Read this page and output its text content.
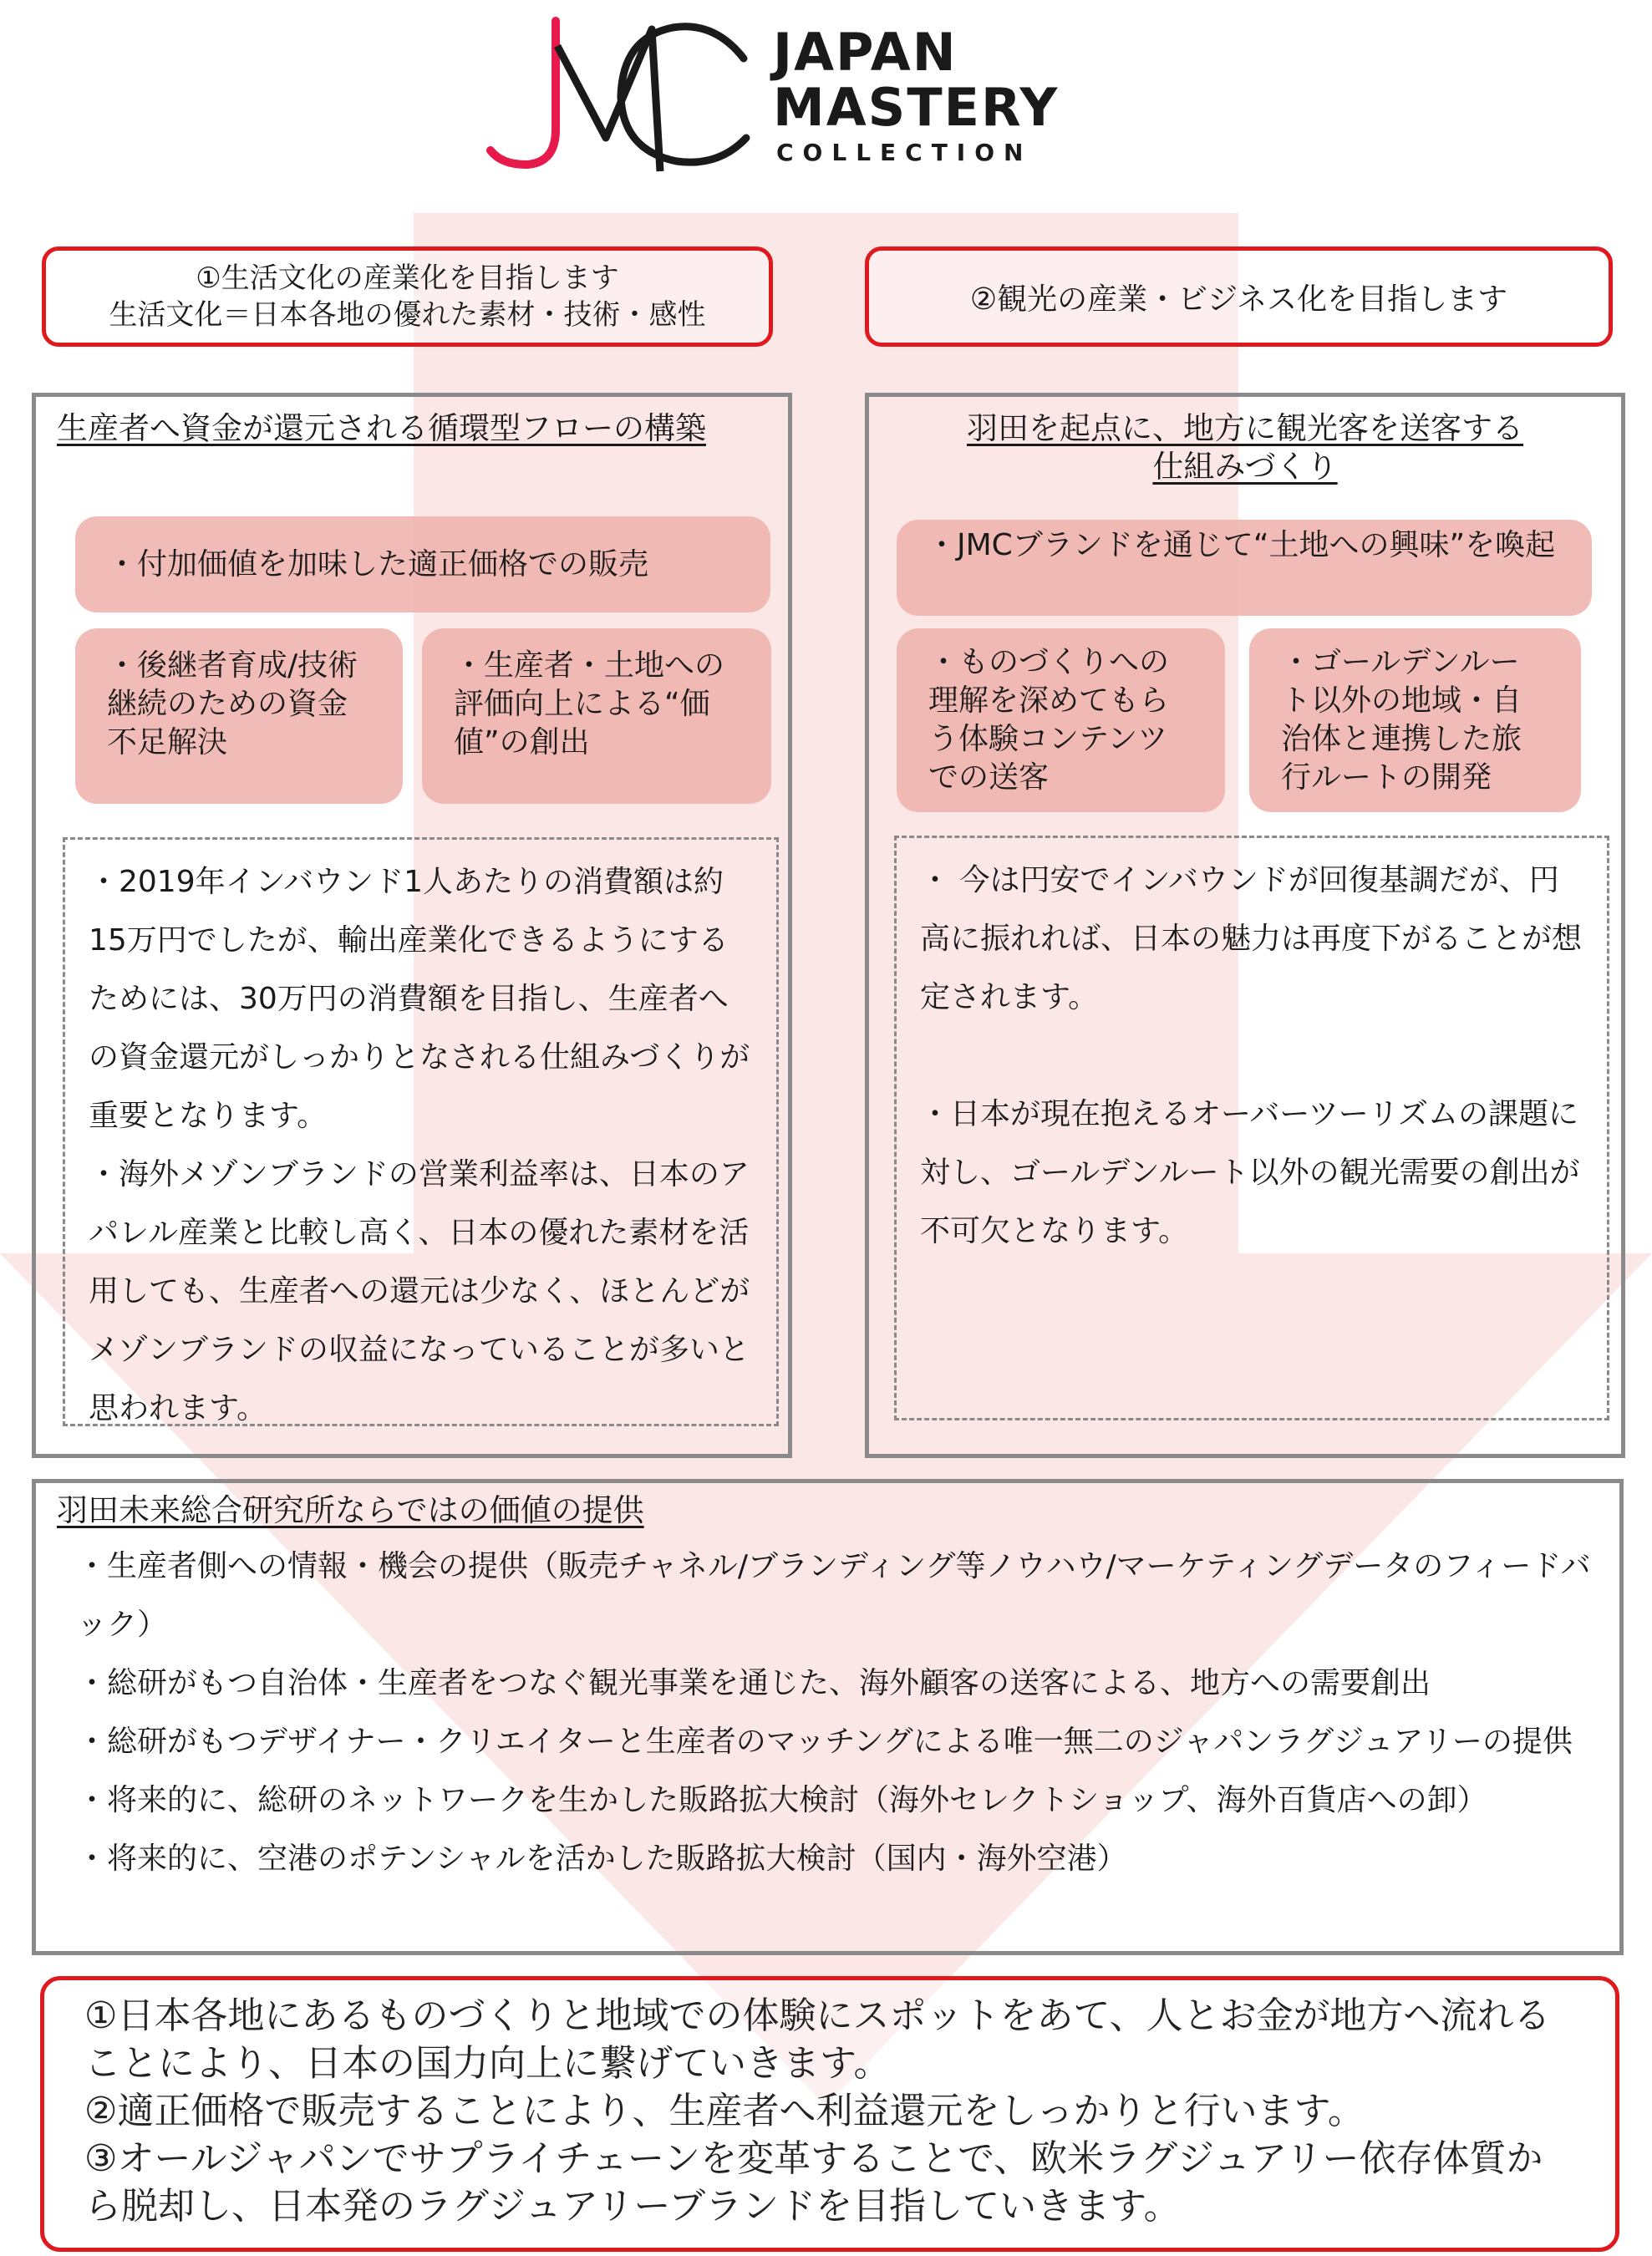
JAPAN
MASTERY
COLLECTION
①生活文化の産業化を目指します
生活文化＝日本各地の優れた素材・技術・感性	②観光の産業・ビジネス化を目指します
生産者へ資金が還元される循環型フローの構築
・付加価値を加味した適正価格での販売
・後継者育成/技術継続のための資金不足解決
・生産者・土地への評価向上による“価値”の創出
・2019年インバウンド1人あたりの消費額は約15万円でしたが、輸出産業化できるようにするためには、30万円の消費額を目指し、生産者への資金還元がしっかりとなされる仕組みづくりが重要となります。
・海外メゾンブランドの営業利益率は、日本のアパレル産業と比較し高く、日本の優れた素材を活用しても、生産者への還元は少なく、ほとんどがメゾンブランドの収益になっていることが多いと思われます。
羽田を起点に、地方に観光客を送客する
仕組みづくり
・JMCブランドを通じて“土地への興味”を喚起
・ものづくりへの理解を深めてもらう体験コンテンツでの送客
・ゴールデンルート以外の地域・自治体と連携した旅行ルートの開発
・ 今は円安でインバウンドが回復基調だが、円高に振れれば、日本の魅力は再度下がることが想定されます。
・日本が現在抱えるオーバーツーリズムの課題に対し、ゴールデンルート以外の観光需要の創出が不可欠となります。
羽田未来総合研究所ならではの価値の提供
・生産者側への情報・機会の提供（販売チャネル/ブランディング等ノウハウ/マーケティングデータのフィードバック）
・総研がもつ自治体・生産者をつなぐ観光事業を通じた、海外顧客の送客による、地方への需要創出
・総研がもつデザイナー・クリエイターと生産者のマッチングによる唯一無二のジャパンラグジュアリーの提供
・将来的に、総研のネットワークを生かした販路拡大検討（海外セレクトショップ、海外百貨店への卸）
・将来的に、空港のポテンシャルを活かした販路拡大検討（国内・海外空港）
①日本各地にあるものづくりと地域での体験にスポットをあて、人とお金が地方へ流れることにより、日本の国力向上に繋げていきます。
②適正価格で販売することにより、生産者へ利益還元をしっかりと行います。
③オールジャパンでサプライチェーンを変革することで、欧米ラグジュアリー依存体質から脱却し、日本発のラグジュアリーブランドを目指していきます。
